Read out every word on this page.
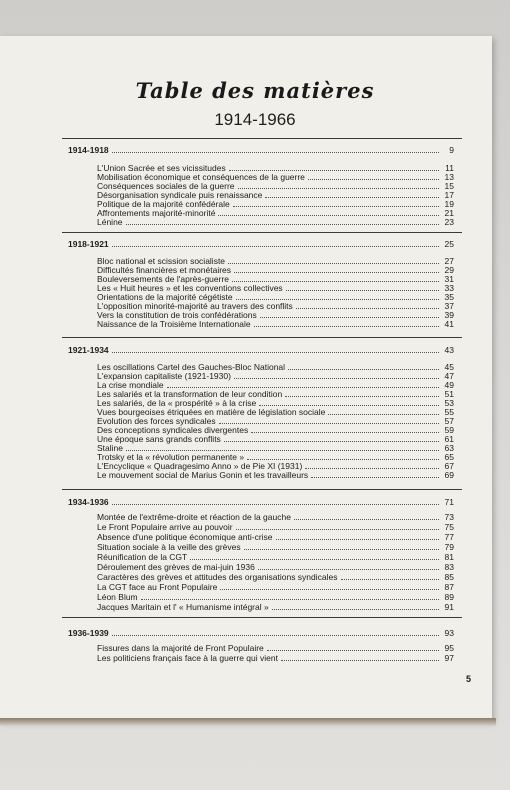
Table des matières
1914-1966
1914-1918	9
L'Union Sacrée et ses vicissitudes	11
Mobilisation économique et conséquences de la guerre	13
Conséquences sociales de la guerre	15
Désorganisation syndicale puis renaissance	17
Politique de la majorité confédérale	19
Affrontements majorité-minorité	21
Lénine	23
1918-1921	25
Bloc national et scission socialiste	27
Difficultés financières et monétaires	29
Bouleversements de l'après-guerre	31
Les « Huit heures » et les conventions collectives	33
Orientations de la majorité cégétiste	35
L'opposition minorité-majorité au travers des conflits	37
Vers la constitution de trois confédérations	39
Naissance de la Troisième Internationale	41
1921-1934	43
Les oscillations Cartel des Gauches-Bloc National	45
L'expansion capitaliste (1921-1930)	47
La crise mondiale	49
Les salariés et la transformation de leur condition	51
Les salariés, de la « prospérité » à la crise	53
Vues bourgeoises étriquées en matière de législation sociale	55
Evolution des forces syndicales	57
Des conceptions syndicales divergentes	59
Une époque sans grands conflits	61
Staline	63
Trotsky et la « révolution permanente »	65
L'Encyclique « Quadragesimo Anno » de Pie XI (1931)	67
Le mouvement social de Marius Gonin et les travailleurs	69
1934-1936	71
Montée de l'extrême-droite et réaction de la gauche	73
Le Front Populaire arrive au pouvoir	75
Absence d'une politique économique anti-crise	77
Situation sociale à la veille des grèves	79
Réunification de la CGT	81
Déroulement des grèves de mai-juin 1936	83
Caractères des grèves et attitudes des organisations syndicales	85
La CGT face au Front Populaire	87
Léon Blum	89
Jacques Maritain et l' « Humanisme intégral »	91
1936-1939	93
Fissures dans la majorité de Front Populaire	95
Les politiciens français face à la guerre qui vient	97
5
